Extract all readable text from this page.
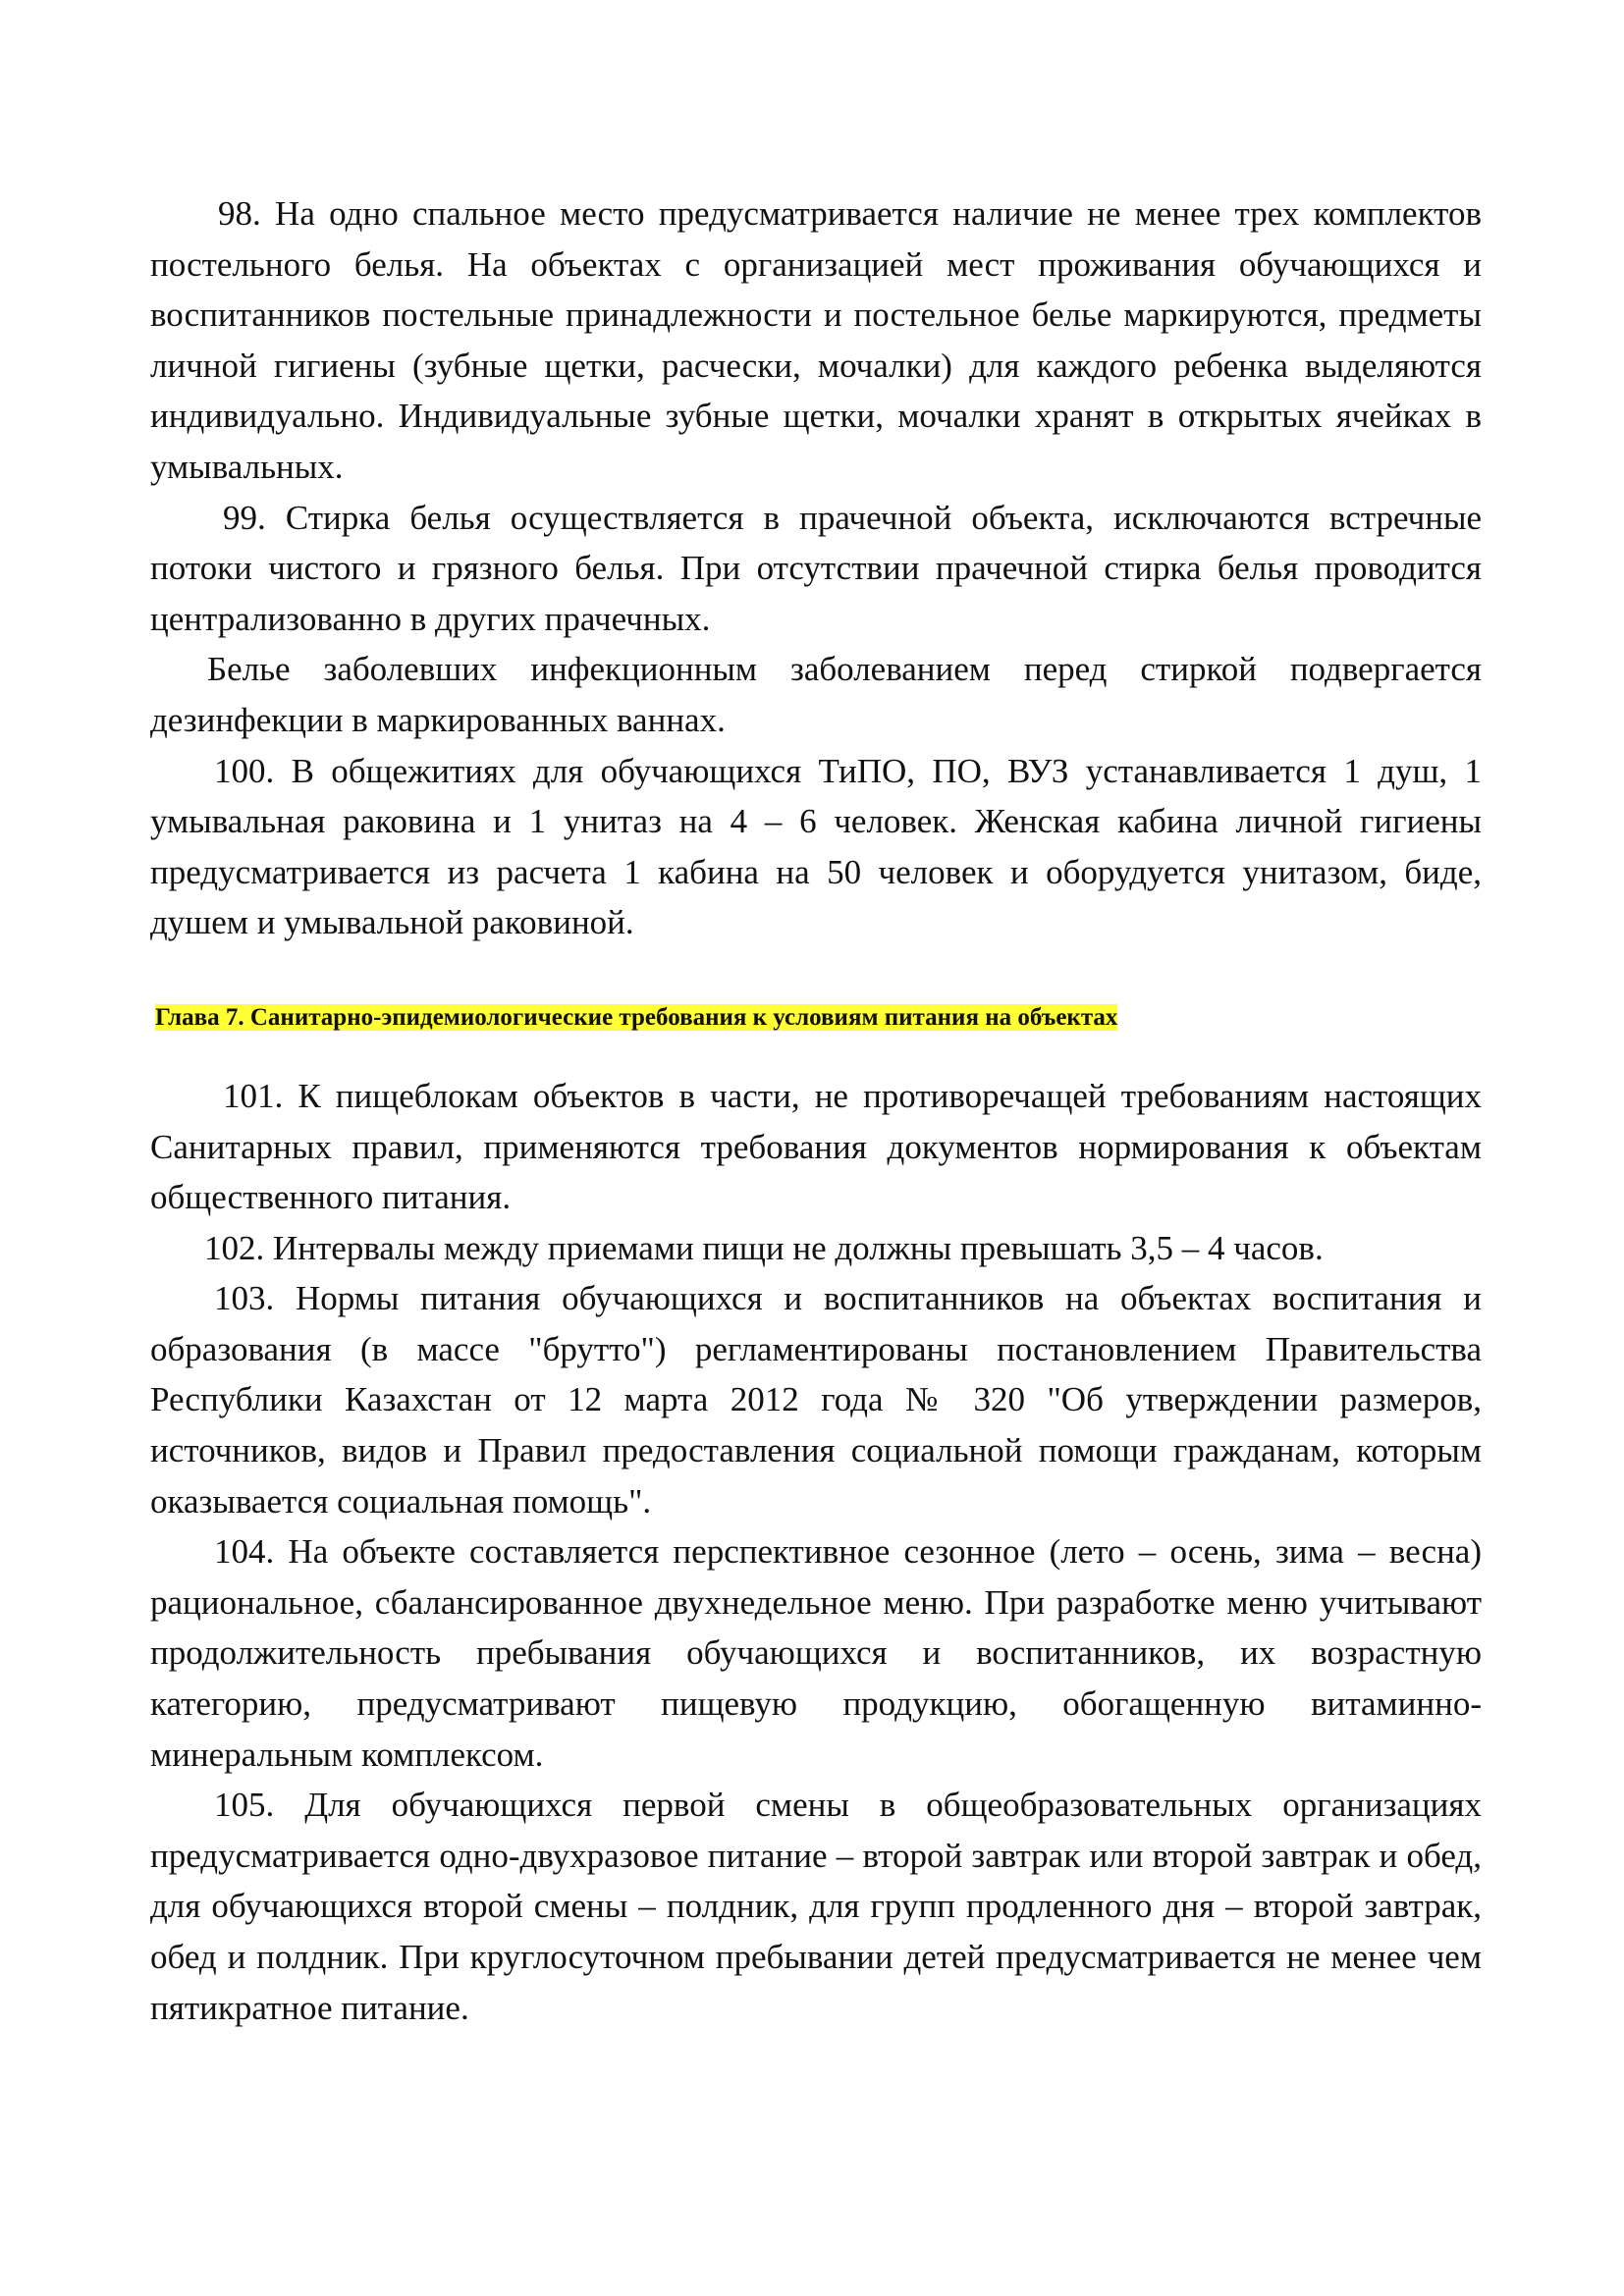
98. На одно спальное место предусматривается наличие не менее трех комплектов постельного белья. На объектах с организацией мест проживания обучающихся и воспитанников постельные принадлежности и постельное белье маркируются, предметы личной гигиены (зубные щетки, расчески, мочалки) для каждого ребенка выделяются индивидуально. Индивидуальные зубные щетки, мочалки хранят в открытых ячейках в умывальных.

99. Стирка белья осуществляется в прачечной объекта, исключаются встречные потоки чистого и грязного белья. При отсутствии прачечной стирка белья проводится централизованно в других прачечных.

Белье заболевших инфекционным заболеванием перед стиркой подвергается дезинфекции в маркированных ваннах.

100. В общежитиях для обучающихся ТиПО, ПО, ВУЗ устанавливается 1 душ, 1 умывальная раковина и 1 унитаз на 4 – 6 человек. Женская кабина личной гигиены предусматривается из расчета 1 кабина на 50 человек и оборудуется унитазом, биде, душем и умывальной раковиной.

Глава 7. Санитарно-эпидемиологические требования к условиям питания на объектах

101. К пищеблокам объектов в части, не противоречащей требованиям настоящих Санитарных правил, применяются требования документов нормирования к объектам общественного питания.

102. Интервалы между приемами пищи не должны превышать 3,5 – 4 часов.

103. Нормы питания обучающихся и воспитанников на объектах воспитания и образования (в массе "брутто") регламентированы постановлением Правительства Республики Казахстан от 12 марта 2012 года № 320 "Об утверждении размеров, источников, видов и Правил предоставления социальной помощи гражданам, которым оказывается социальная помощь".

104. На объекте составляется перспективное сезонное (лето – осень, зима – весна) рациональное, сбалансированное двухнедельное меню. При разработке меню учитывают продолжительность пребывания обучающихся и воспитанников, их возрастную категорию, предусматривают пищевую продукцию, обогащенную витаминно-минеральным комплексом.

105. Для обучающихся первой смены в общеобразовательных организациях предусматривается одно-двухразовое питание – второй завтрак или второй завтрак и обед, для обучающихся второй смены – полдник, для групп продленного дня – второй завтрак, обед и полдник. При круглосуточном пребывании детей предусматривается не менее чем пятикратное питание.
